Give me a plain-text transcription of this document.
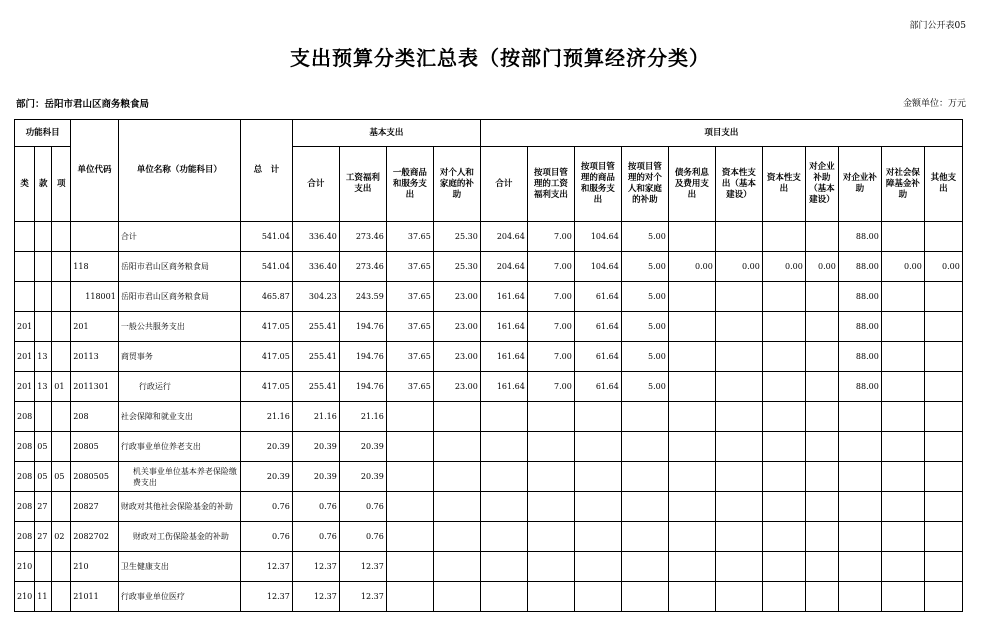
部门公开表05
支出预算分类汇总表（按部门预算经济分类）
部门：岳阳市君山区商务粮食局	金额单位：万元
功能科目			单位代码	单位名称（功能科目）	总　计	基本支出				项目支出										
类	款	项				合计	工资福利支出	一般商品和服务支出	对个人和家庭的补助	合计	按项目管理的工资福利支出	按项目管理的商品和服务支出	按项目管理的对个人和家庭的补助	债务利息及费用支出	资本性支出（基本建设）	资本性支出	对企业补助（基本建设）	对企业补助	对社会保障基金补助	其他支出
				合计	541.04	336.40	273.46	37.65	25.30	204.64	7.00	104.64	5.00					88.00		
			118	岳阳市君山区商务粮食局	541.04	336.40	273.46	37.65	25.30	204.64	7.00	104.64	5.00	0.00	0.00	0.00	0.00	88.00	0.00	0.00
			118001	岳阳市君山区商务粮食局	465.87	304.23	243.59	37.65	23.00	161.64	7.00	61.64	5.00					88.00		
201			201	一般公共服务支出	417.05	255.41	194.76	37.65	23.00	161.64	7.00	61.64	5.00					88.00		
201	13		20113	商贸事务	417.05	255.41	194.76	37.65	23.00	161.64	7.00	61.64	5.00					88.00		
201	13	01	2011301	行政运行	417.05	255.41	194.76	37.65	23.00	161.64	7.00	61.64	5.00					88.00		
208			208	社会保障和就业支出	21.16	21.16	21.16													
208	05		20805	行政事业单位养老支出	20.39	20.39	20.39													
208	05	05	2080505	机关事业单位基本养老保险缴费支出	20.39	20.39	20.39													
208	27		20827	财政对其他社会保险基金的补助	0.76	0.76	0.76													
208	27	02	2082702	财政对工伤保险基金的补助	0.76	0.76	0.76													
210			210	卫生健康支出	12.37	12.37	12.37													
210	11		21011	行政事业单位医疗	12.37	12.37	12.37													
